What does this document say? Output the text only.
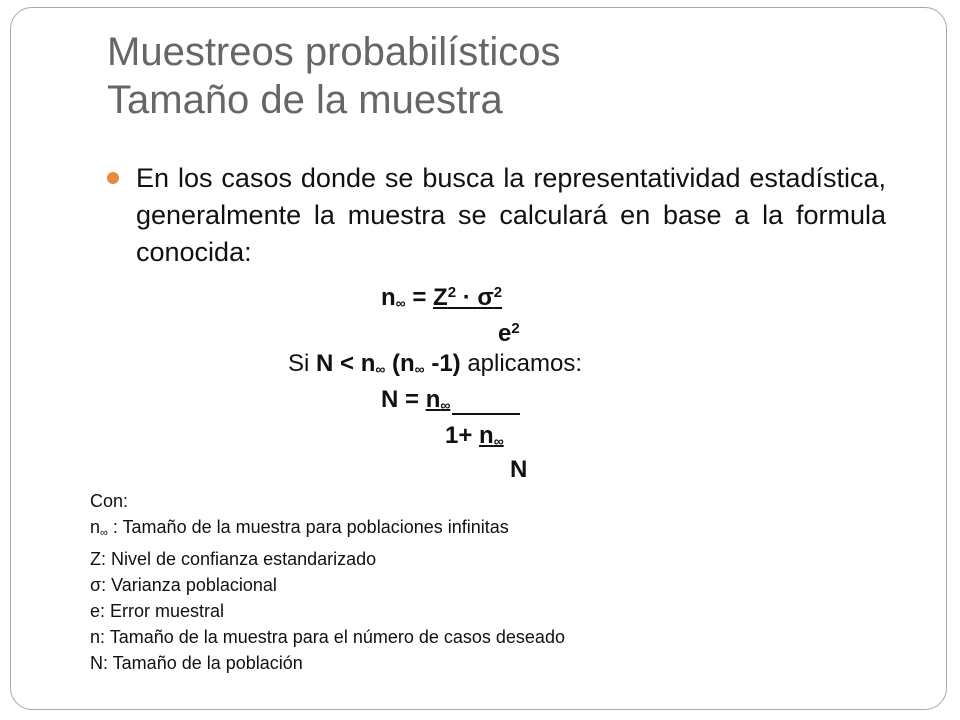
Muestreos probabilísticos
Tamaño de la muestra
En los casos donde se busca la representatividad estadística, generalmente la muestra se calculará en base a la formula conocida:
$n_\infty = Z^2 \cdot \sigma^2$
$e^2$
Si $N < n_\infty$ ($n_\infty$ -1) aplicamos:
$N = n_\infty$
$1+ n_\infty$
N
Con:
n∞ : Tamaño de la muestra para poblaciones infinitas
Z: Nivel de confianza estandarizado
σ: Varianza poblacional
e: Error muestral
n: Tamaño de la muestra para el número de casos deseado
N: Tamaño de la población
